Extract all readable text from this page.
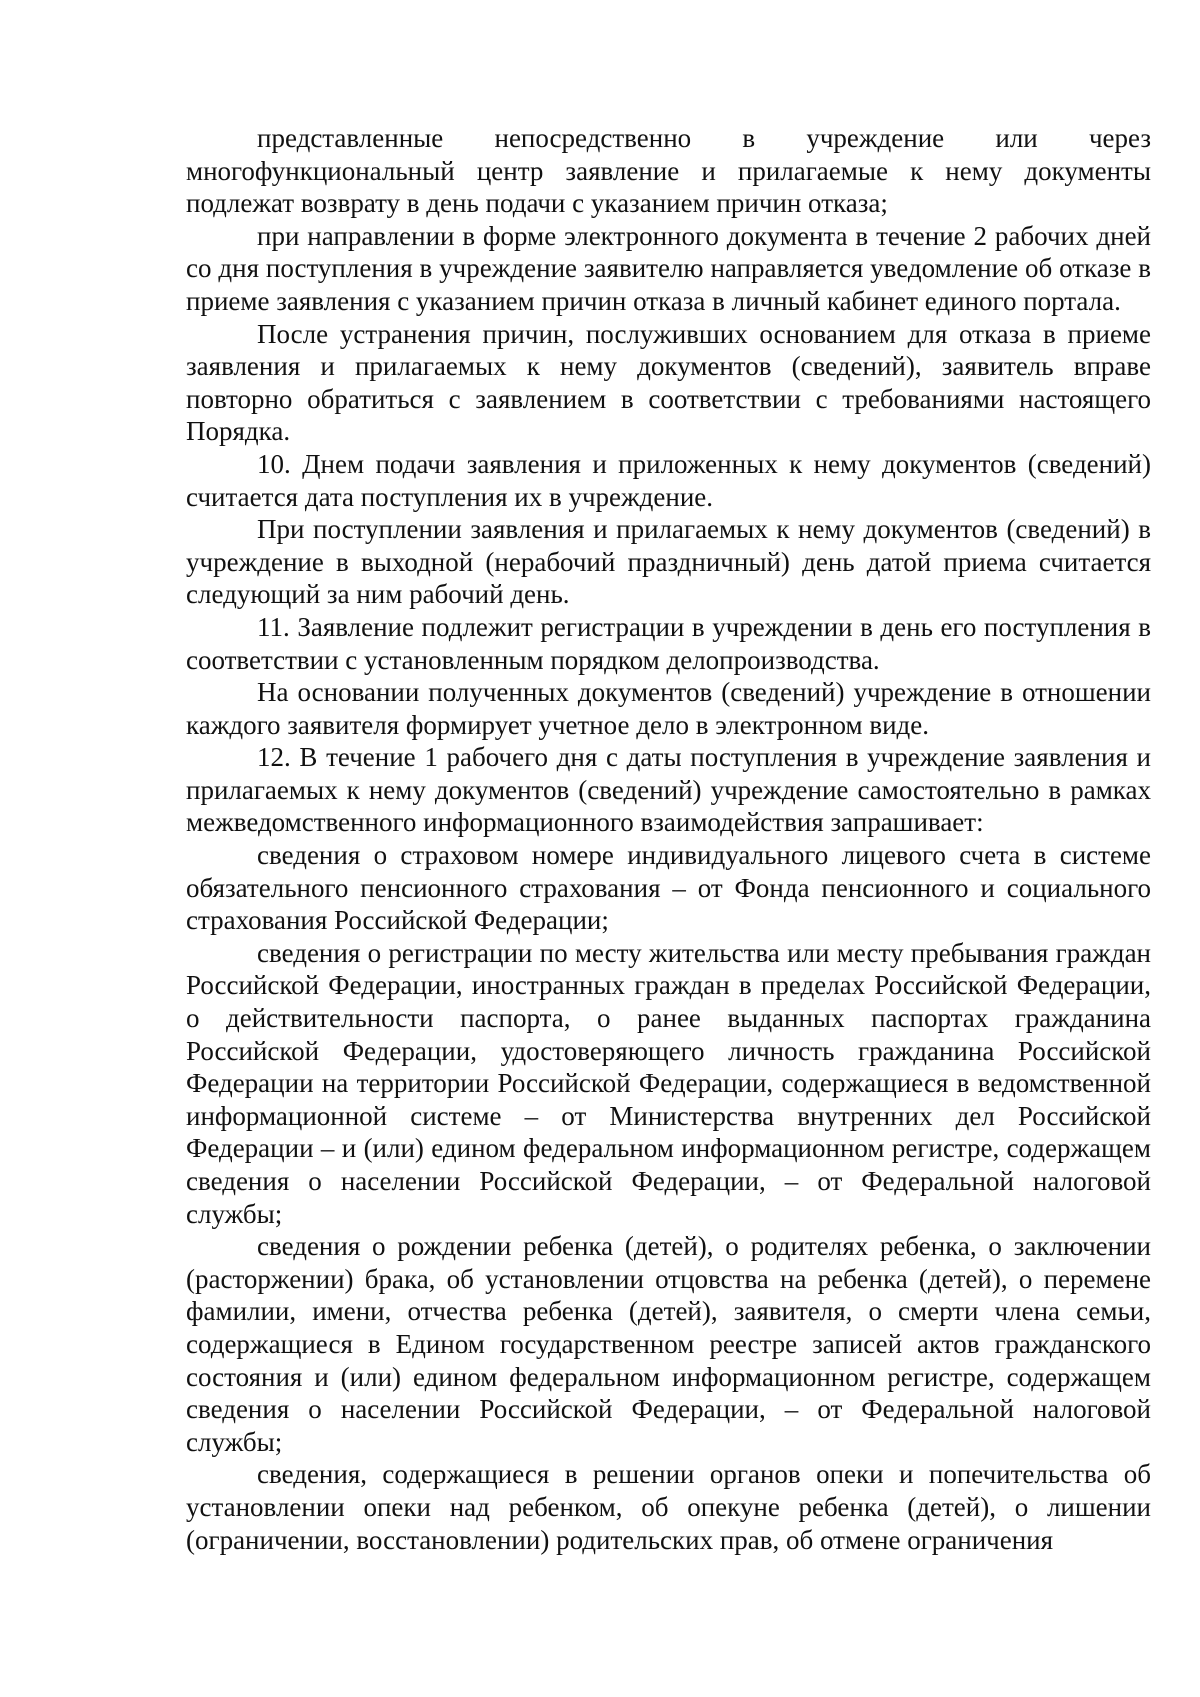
представленные непосредственно в учреждение или через многофункциональный центр заявление и прилагаемые к нему документы подлежат возврату в день подачи с указанием причин отказа;

при направлении в форме электронного документа в течение 2 рабочих дней со дня поступления в учреждение заявителю направляется уведомление об отказе в приеме заявления с указанием причин отказа в личный кабинет единого портала.

После устранения причин, послуживших основанием для отказа в приеме заявления и прилагаемых к нему документов (сведений), заявитель вправе повторно обратиться с заявлением в соответствии с требованиями настоящего Порядка.

10. Днем подачи заявления и приложенных к нему документов (сведений) считается дата поступления их в учреждение.

При поступлении заявления и прилагаемых к нему документов (сведений) в учреждение в выходной (нерабочий праздничный) день датой приема считается следующий за ним рабочий день.

11. Заявление подлежит регистрации в учреждении в день его поступления в соответствии с установленным порядком делопроизводства.

На основании полученных документов (сведений) учреждение в отношении каждого заявителя формирует учетное дело в электронном виде.

12. В течение 1 рабочего дня с даты поступления в учреждение заявления и прилагаемых к нему документов (сведений) учреждение самостоятельно в рамках межведомственного информационного взаимодействия запрашивает:

сведения о страховом номере индивидуального лицевого счета в системе обязательного пенсионного страхования – от Фонда пенсионного и социального страхования Российской Федерации;

сведения о регистрации по месту жительства или месту пребывания граждан Российской Федерации, иностранных граждан в пределах Российской Федерации, о действительности паспорта, о ранее выданных паспортах гражданина Российской Федерации, удостоверяющего личность гражданина Российской Федерации на территории Российской Федерации, содержащиеся в ведомственной информационной системе – от Министерства внутренних дел Российской Федерации – и (или) едином федеральном информационном регистре, содержащем сведения о населении Российской Федерации, – от Федеральной налоговой службы;

сведения о рождении ребенка (детей), о родителях ребенка, о заключении (расторжении) брака, об установлении отцовства на ребенка (детей), о перемене фамилии, имени, отчества ребенка (детей), заявителя, о смерти члена семьи, содержащиеся в Едином государственном реестре записей актов гражданского состояния и (или) едином федеральном информационном регистре, содержащем сведения о населении Российской Федерации, – от Федеральной налоговой службы;

сведения, содержащиеся в решении органов опеки и попечительства об установлении опеки над ребенком, об опекуне ребенка (детей), о лишении (ограничении, восстановлении) родительских прав, об отмене ограничения
